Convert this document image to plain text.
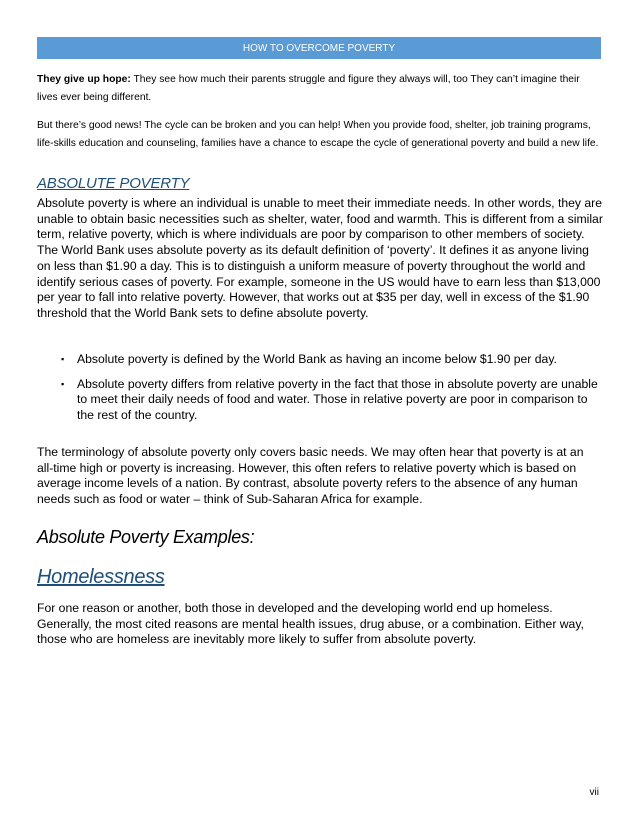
HOW TO OVERCOME POVERTY

They give up hope: They see how much their parents struggle and figure they always will, too They can’t imagine their lives ever being different.

But there’s good news! The cycle can be broken and you can help! When you provide food, shelter, job training programs, life-skills education and counseling, families have a chance to escape the cycle of generational poverty and build a new life.

ABSOLUTE POVERTY
Absolute poverty is where an individual is unable to meet their immediate needs. In other words, they are unable to obtain basic necessities such as shelter, water, food and warmth. This is different from a similar term, relative poverty, which is where individuals are poor by comparison to other members of society.
The World Bank uses absolute poverty as its default definition of ‘poverty’. It defines it as anyone living on less than $1.90 a day. This is to distinguish a uniform measure of poverty throughout the world and identify serious cases of poverty. For example, someone in the US would have to earn less than $13,000 per year to fall into relative poverty. However, that works out at $35 per day, well in excess of the $1.90 threshold that the World Bank sets to define absolute poverty.
▪ Absolute poverty is defined by the World Bank as having an income below $1.90 per day.
▪ Absolute poverty differs from relative poverty in the fact that those in absolute poverty are unable to meet their daily needs of food and water. Those in relative poverty are poor in comparison to the rest of the country.

The terminology of absolute poverty only covers basic needs. We may often hear that poverty is at an all-time high or poverty is increasing. However, this often refers to relative poverty which is based on average income levels of a nation. By contrast, absolute poverty refers to the absence of any human needs such as food or water – think of Sub-Saharan Africa for example.

Absolute Poverty Examples:
Homelessness

For one reason or another, both those in developed and the developing world end up homeless. Generally, the most cited reasons are mental health issues, drug abuse, or a combination. Either way, those who are homeless are inevitably more likely to suffer from absolute poverty.

vii
